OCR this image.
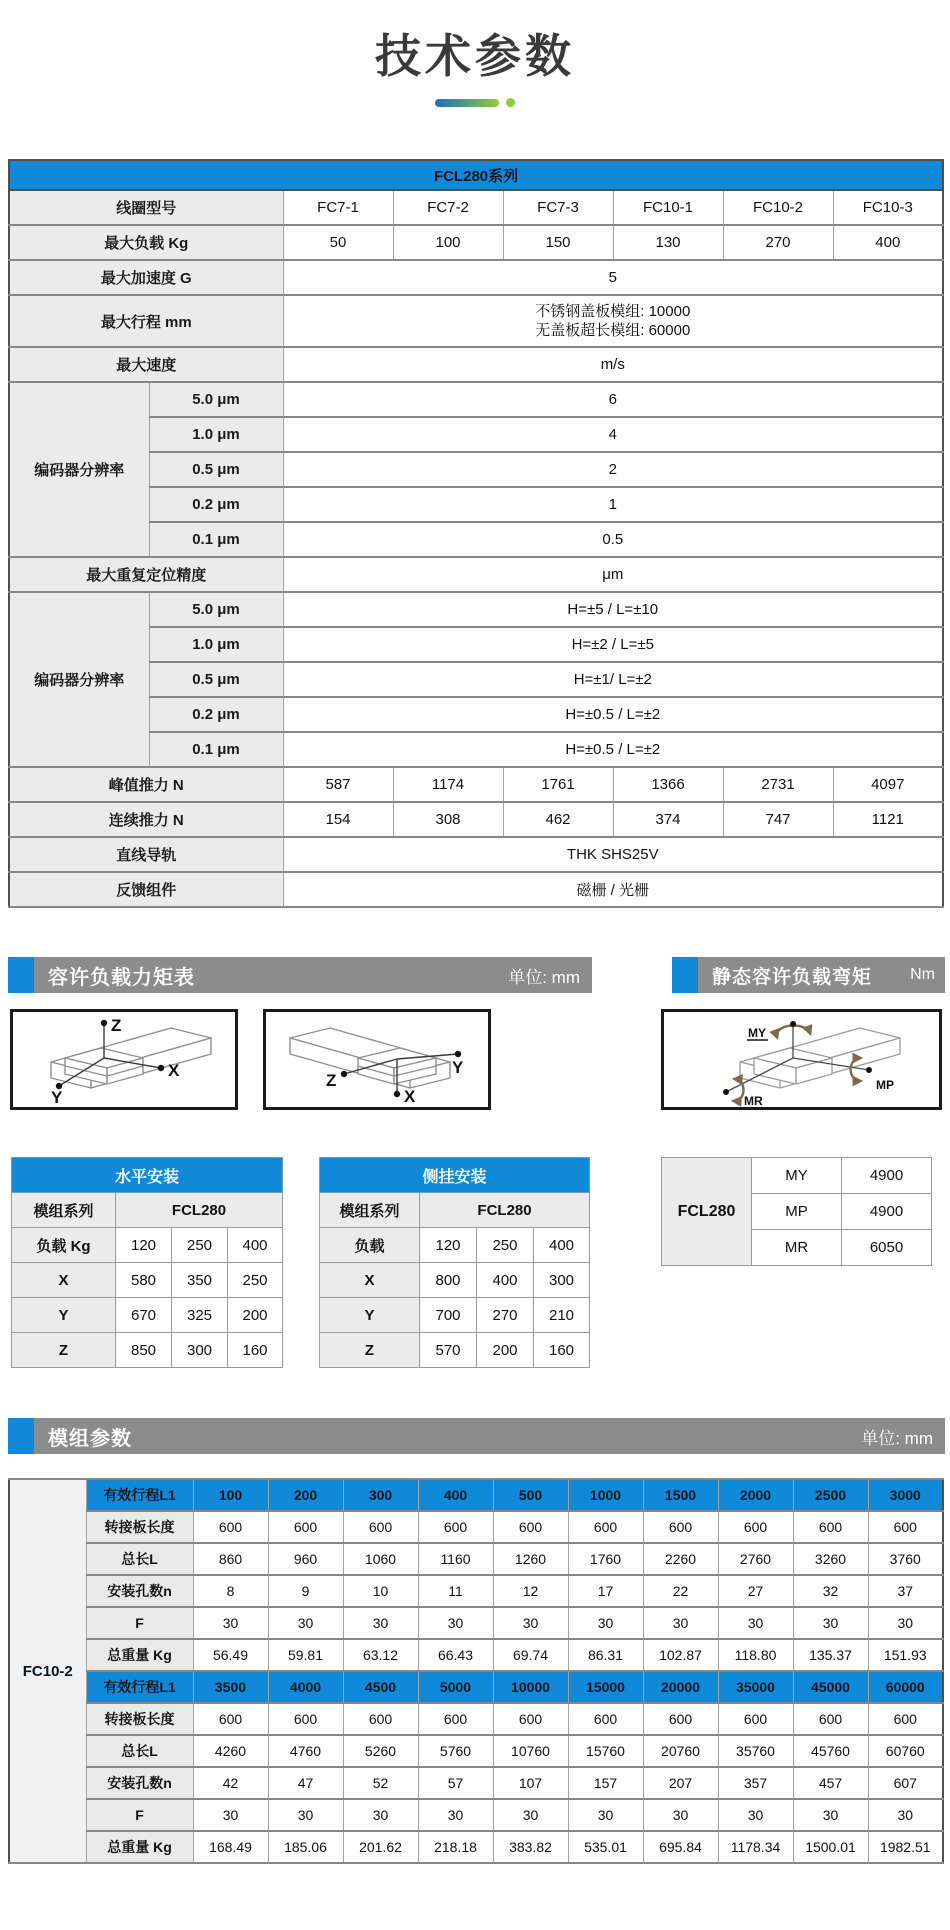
技术参数
FCL280系列							
线圈型号		FC7-1	FC7-2	FC7-3	FC10-1	FC10-2	FC10-3
最大负载 Kg		50	100	150	130	270	400
最大加速度 G		5					
最大行程 mm		不锈钢盖板模组: 10000
无盖板超长模组: 60000					

最大速度		m/s					
编码器分辨率	5.0 μm	6					
	1.0 μm	4					
	0.5 μm	2					
	0.2 μm	1					
	0.1 μm	0.5					
最大重复定位精度		μm					
编码器分辨率	5.0 μm	H=±5 / L=±10					
	1.0 μm	H=±2 / L=±5					
	0.5 μm	H=±1/ L=±2					
	0.2 μm	H=±0.5 / L=±2					
	0.1 μm	H=±0.5 / L=±2					
峰值推力 N		587	1174	1761	1366	2731	4097
连续推力 N		154	308	462	374	747	1121
直线导轨		THK SHS25V					
反馈组件		磁栅 / 光栅					
容许负载力矩表	单位: mm	静态容许负载弯矩 Nm
Z
X
Y
Z
Y
X
MY
MP
MR
水平安装			
模组系列	FCL280		
负载 Kg	120	250	400
X	580	350	250
Y	670	325	200
Z	850	300	160
侧挂安装			
模组系列	FCL280		
负载	120	250	400
X	800	400	300
Y	700	270	210
Z	570	200	160
FCL280	MY	4900
	MP	4900
	MR	6050
模组参数	单位: mm
FC10-2	有效行程L1	100	200	300	400	500	1000	1500	2000	2500	3000
	转接板长度	600	600	600	600	600	600	600	600	600	600
	总长L	860	960	1060	1160	1260	1760	2260	2760	3260	3760
	安装孔数n	8	9	10	11	12	17	22	27	32	37
	F	30	30	30	30	30	30	30	30	30	30
	总重量 Kg	56.49	59.81	63.12	66.43	69.74	86.31	102.87	118.80	135.37	151.93
	有效行程L1	3500	4000	4500	5000	10000	15000	20000	35000	45000	60000
	转接板长度	600	600	600	600	600	600	600	600	600	600
	总长L	4260	4760	5260	5760	10760	15760	20760	35760	45760	60760
	安装孔数n	42	47	52	57	107	157	207	357	457	607
	F	30	30	30	30	30	30	30	30	30	30
	总重量 Kg	168.49	185.06	201.62	218.18	383.82	535.01	695.84	1178.34	1500.01	1982.51
